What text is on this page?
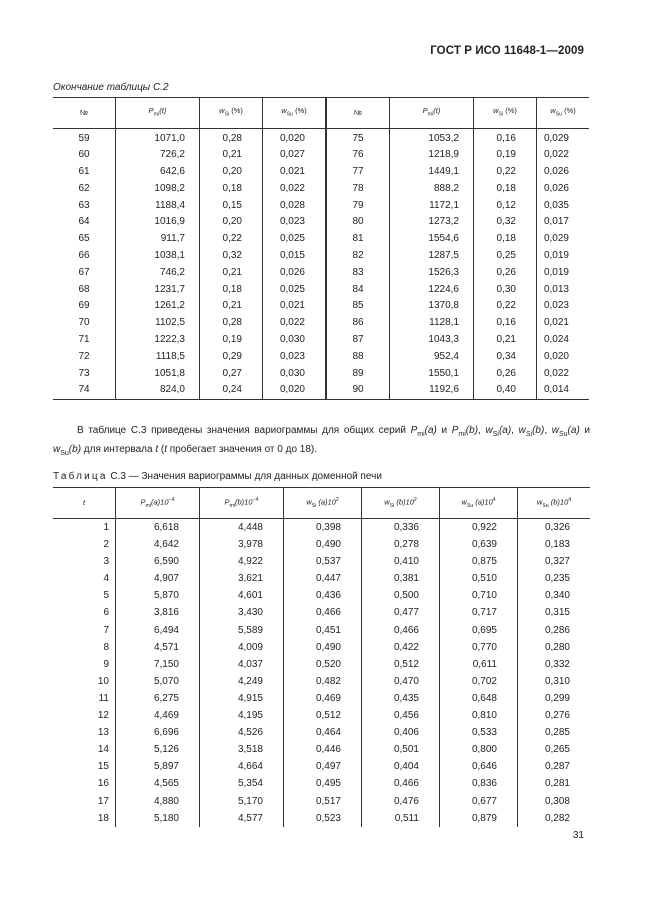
ГОСТ Р ИСО 11648-1—2009
Окончание таблицы С.2
№	$P_{mi}(t)$	$w_{Si}$ (%)	$w_{Su}$ (%)	№	$P_{mi}(t)$	$w_{Si}$ (%)	$w_{Su}$ (%)
59	1071,0	0,28	0,020	75	1053,2	0,16	0,029
60	726,2	0,21	0,027	76	1218,9	0,19	0,022
61	642,6	0,20	0,021	77	1449,1	0,22	0,026
62	1098,2	0,18	0,022	78	888,2	0,18	0,026
63	1188,4	0,15	0,028	79	1172,1	0,12	0,035
64	1016,9	0,20	0,023	80	1273,2	0,32	0,017
65	911,7	0,22	0,025	81	1554,6	0,18	0,029
66	1038,1	0,32	0,015	82	1287,5	0,25	0,019
67	746,2	0,21	0,026	83	1526,3	0,26	0,019
68	1231,7	0,18	0,025	84	1224,6	0,30	0,013
69	1261,2	0,21	0,021	85	1370,8	0,22	0,023
70	1102,5	0,28	0,022	86	1128,1	0,16	0,021
71	1222,3	0,19	0,030	87	1043,3	0,21	0,024
72	1118,5	0,29	0,023	88	952,4	0,34	0,020
73	1051,8	0,27	0,030	89	1550,1	0,26	0,022
74	824,0	0,24	0,020	90	1192,6	0,40	0,014
В таблице С.3 приведены значения вариограммы для общих серий $P_{mi}(a)$ и $P_{mi}(b)$, $w_{Si}(a)$, $w_{Si}(b)$, $w_{Su}(a)$ и $w_{Su}(b)$ для интервала t (t пробегает значения от 0 до 18).
Таблица С.3 — Значения вариограммы для данных доменной печи
t	$P_{mi}(a)10^{-4}$	$P_{mi}(b)10^{-4}$	$w_{Si}$ $(a)10^2$	$w_{Si}$ $(b)10^2$	$w_{Su}$ $(a)10^4$	$w_{Su}$ $(b)10^4$
1	6,618	4,448	0,398	0,336	0,922	0,326
2	4,642	3,978	0,490	0,278	0,639	0,183
3	6,590	4,922	0,537	0,410	0,875	0,327
4	4,907	3,621	0,447	0,381	0,510	0,235
5	5,870	4,601	0,436	0,500	0,710	0,340
6	3,816	3,430	0,466	0,477	0,717	0,315
7	6,494	5,589	0,451	0,466	0,695	0,286
8	4,571	4,009	0,490	0,422	0,770	0,280
9	7,150	4,037	0,520	0,512	0,611	0,332
10	5,070	4,249	0,482	0,470	0,702	0,310
11	6,275	4,915	0,469	0,435	0,648	0,299
12	4,469	4,195	0,512	0,456	0,810	0,276
13	6,696	4,526	0,464	0,406	0,533	0,285
14	5,126	3,518	0,446	0,501	0,800	0,265
15	5,897	4,664	0,497	0,404	0,646	0,287
16	4,565	5,354	0,495	0,466	0,836	0,281
17	4,880	5,170	0,517	0,476	0,677	0,308
18	5,180	4,577	0,523	0,511	0,879	0,282
31
